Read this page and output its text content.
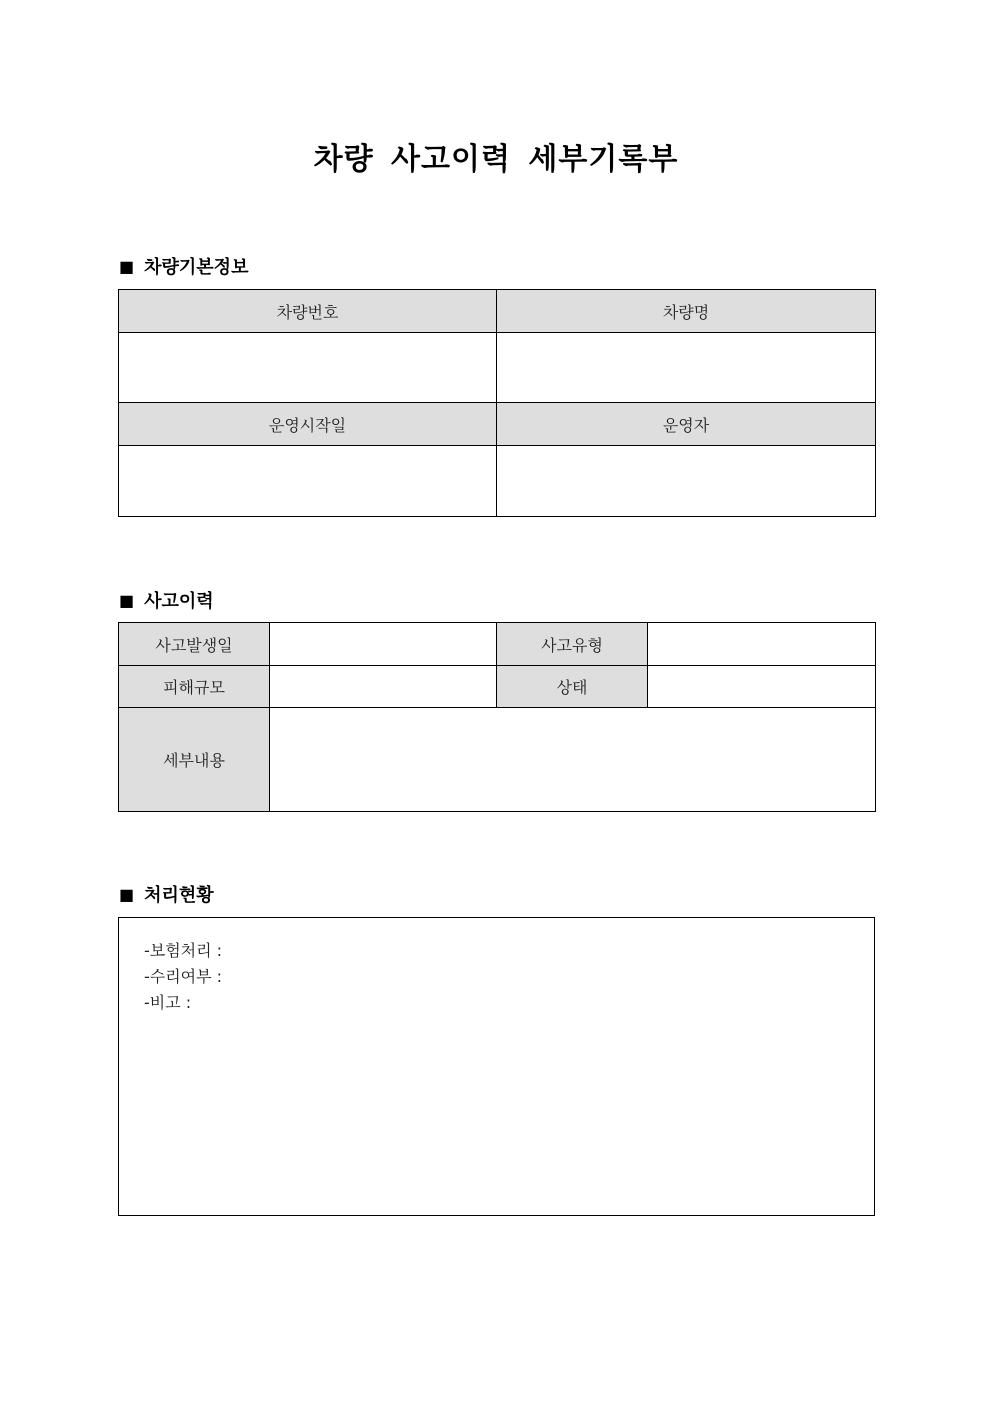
차량 사고이력 세부기록부
■ 차량기본정보
차량번호	차량명

운영시작일	운영자

■ 사고이력
사고발생일		사고유형	
피해규모		상태	
세부내용			
■ 처리현황
-보험처리 :
-수리여부 :
-비고 :
